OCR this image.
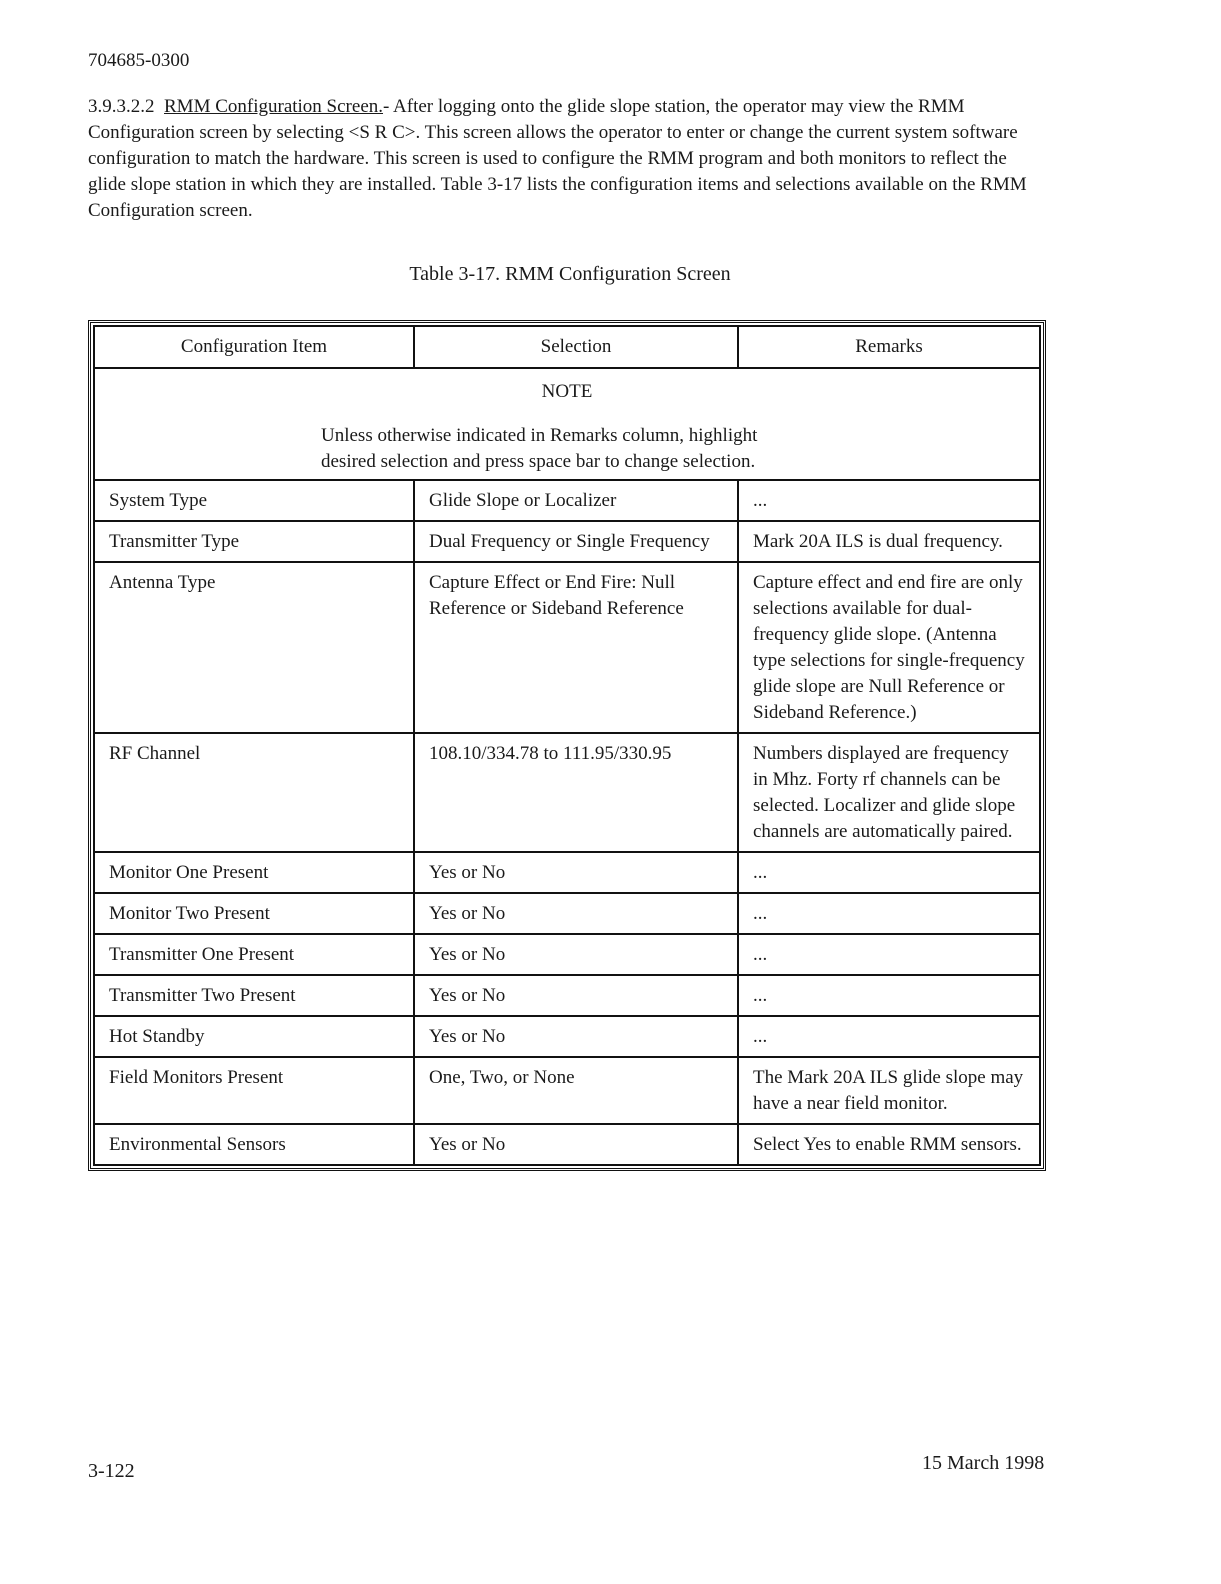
704685-0300

3.9.3.2.2 RMM Configuration Screen.- After logging onto the glide slope station, the operator may view the RMM Configuration screen by selecting <S R C>. This screen allows the operator to enter or change the current system software configuration to match the hardware. This screen is used to configure the RMM program and both monitors to reflect the glide slope station in which they are installed. Table 3-17 lists the configuration items and selections available on the RMM Configuration screen.

Table 3-17. RMM Configuration Screen
Configuration Item	Selection	Remarks

NOTE
Unless otherwise indicated in Remarks column, highlight desired selection and press space bar to change selection.		

System Type	Glide Slope or Localizer	...
Transmitter Type	Dual Frequency or Single Frequency	Mark 20A ILS is dual frequency.
Antenna Type	Capture Effect or End Fire: Null Reference or Sideband Reference	Capture effect and end fire are only selections available for dual-frequency glide slope. (Antenna type selections for single-frequency glide slope are Null Reference or Sideband Reference.)
RF Channel	108.10/334.78 to 111.95/330.95	Numbers displayed are frequency in Mhz. Forty rf channels can be selected. Localizer and glide slope channels are automatically paired.
Monitor One Present	Yes or No	...
Monitor Two Present	Yes or No	...
Transmitter One Present	Yes or No	...
Transmitter Two Present	Yes or No	...
Hot Standby	Yes or No	...
Field Monitors Present	One, Two, or None	The Mark 20A ILS glide slope may have a near field monitor.
Environmental Sensors	Yes or No	Select Yes to enable RMM sensors.
3-122	15 March 1998
